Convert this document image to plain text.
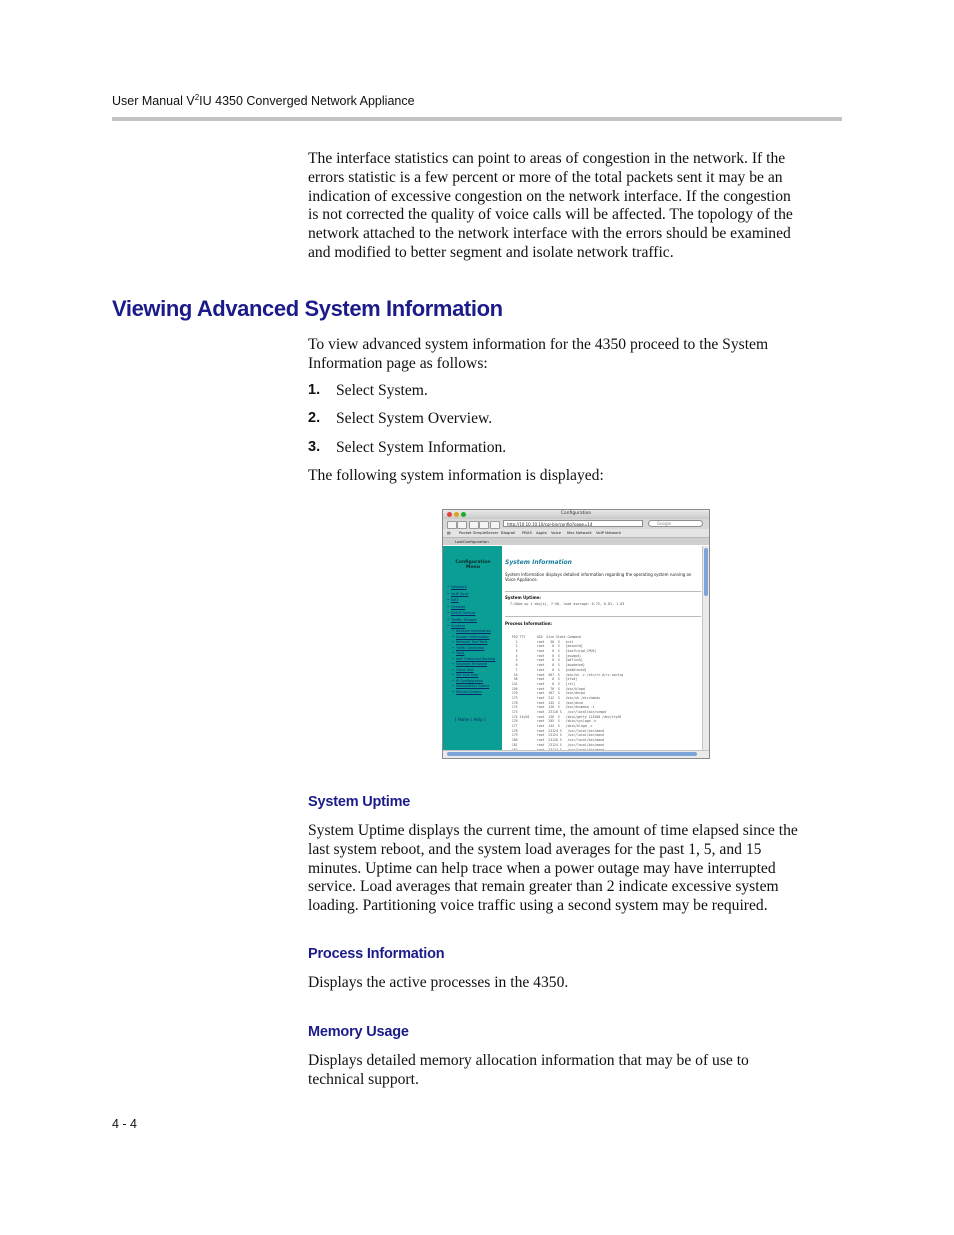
User Manual $V^2IU$ 4350 Converged Network Appliance

The interface statistics can point to areas of congestion in the network. If the
errors statistic is a few percent or more of the total packets sent it may be an
indication of excessive congestion on the network interface. If the congestion
is not corrected the quality of voice calls will be affected. The topology of the
network attached to the network interface with the errors should be examined
and modified to better segment and isolate network traffic.

Viewing Advanced System Information

To view advanced system information for the 4350 proceed to the System
Information page as follows:

1. Select System.
2. Select System Overview.
3. Select System Information.

The following system information is displayed:

Configuration
http://10.10.10.10/cgi-bin/config?page=14	Google
▤ Pocket SimpleServer Blogroll PBXS Apple Voice Mac Network VoIP Network
LastConfiguration
Configuration
Menu
• Network
• VoIP Acct
• NAT
• Firewall
• DHCP Server
• Traffic Shaper
• System
• Network Information
• System Information
• Network Test Tools
• Traffic Generator
• Tools
• VoIP Outbound Routing
• Upgrade Firmware
• Clone Unit
• Set Link Rate
• IP Configuration
• NetworkMux Status
• Reboot System
[ Home | Help ]
System Information
System Information displays detailed information regarding the operating system running on
Voice Appliance.
System Uptime:
7:26pm up 1 day(s), 7:58, load average: 0.75, 0.81, 1.03
Process Information:
PID TTY      UID  Size State Command
1          root   56  S   init
2          root    0  S   [keventd]
3          root    0  S   [ksoftirqd_CPU0]
4          root    0  S   [kswapd]
5          root    0  S   [bdflush]
6          root    0  S   [kupdated]
7          root    0  S   [mtdblockd]
16          root  407  S   /bin/sh -c /etc/rc.d/rc.config
38          root    0  S   [kfsd]
141          root    0  S   [rtc]
156          root   76  S   /bin/klogd
170          root  167  S   /bin/dhcpd
173          root  212  S   /bin/sh /etc/mands
178          root  145  S   /bin/dnsd
174          root  120  S   /bin/dnsmasq -i
173          root  23118 S   /usr/local/bin/snmpd
174 ttyS0    root  130  S   /sbin/getty 115200 /dev/ttyS0
176          root  205  S   /sbin/syslogd -n
177          root  144  S   /sbin/klogd -c
178          root  23124 S   /usr/local/bin/mand
179          root  23124 S   /usr/local/bin/mand
180          root  23128 S   /usr/local/bin/mand
181          root  23124 S   /usr/local/bin/mand
182          root  23124 S   /usr/local/bin/mand
System Uptime

System Uptime displays the current time, the amount of time elapsed since the
last system reboot, and the system load averages for the past 1, 5, and 15
minutes. Uptime can help trace when a power outage may have interrupted
service. Load averages that remain greater than 2 indicate excessive system
loading. Partitioning voice traffic using a second system may be required.

Process Information

Displays the active processes in the 4350.

Memory Usage

Displays detailed memory allocation information that may be of use to
technical support.

4 - 4
